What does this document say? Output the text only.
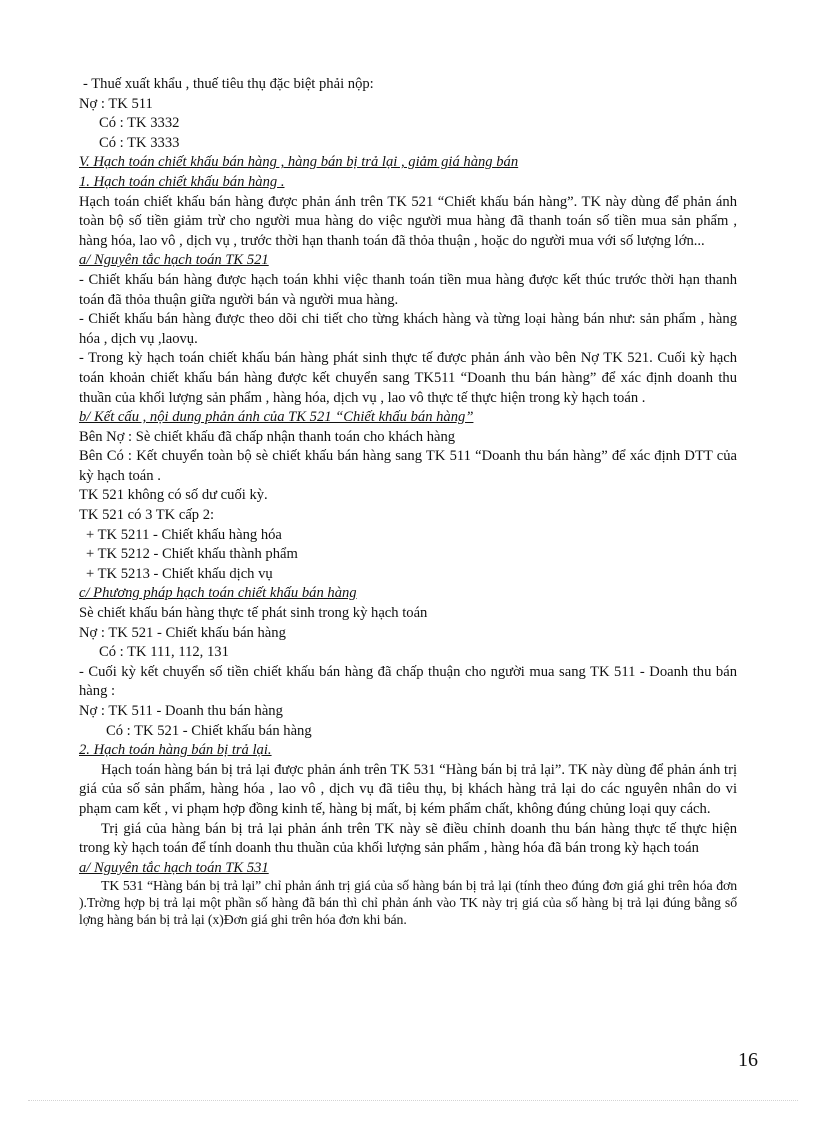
- Thuế xuất khẩu , thuế tiêu thụ đặc biệt phải nộp:
Nợ : TK 511
Có : TK 3332
Có : TK 3333
V. Hạch toán chiết khấu bán hàng , hàng bán bị trả lại , giảm giá hàng bán
1. Hạch toán chiết khấu bán hàng .

Hạch toán chiết khấu bán hàng được phản ánh trên TK 521 “Chiết khấu bán hàng”. TK này dùng để phản ánh toàn bộ số tiền giảm trừ cho người mua hàng do việc người mua hàng đã thanh toán số tiền mua sản phẩm , hàng hóa, lao vô , dịch vụ , trước thời hạn thanh toán đã thỏa thuận , hoặc do người mua với số lượng lớn...

a/ Nguyên tắc hạch toán TK 521

- Chiết khấu bán hàng được hạch toán khhi việc thanh toán tiền mua hàng được kết thúc trước thời hạn thanh toán đã thỏa thuận giữa người bán và người mua hàng.

- Chiết khấu bán hàng được theo dõi chi tiết cho từng khách hàng và từng loại hàng bán như: sản phẩm , hàng hóa , dịch vụ ,laovụ.

- Trong kỳ hạch toán chiết khấu bán hàng phát sinh thực tế được phản ánh vào bên Nợ TK 521. Cuối kỳ hạch toán khoản chiết khấu bán hàng được kết chuyển sang TK511 “Doanh thu bán hàng” để xác định doanh thu thuần của khối lượng sản phẩm , hàng hóa, dịch vụ , lao vô thực tế thực hiện trong kỳ hạch toán .

b/ Kết cấu , nội dung phản ánh của TK 521 “Chiết khấu bán hàng”
Bên Nợ : Sè chiết khấu đã chấp nhận thanh toán cho khách hàng

Bên Có : Kết chuyển toàn bộ sè chiết khấu bán hàng sang TK 511 “Doanh thu bán hàng” để xác định DTT của kỳ hạch toán .

TK 521 không có số dư cuối kỳ.
TK 521 có 3 TK cấp 2:
+ TK 5211 - Chiết khấu hàng hóa
+ TK 5212 - Chiết khấu thành phẩm
+ TK 5213 - Chiết khấu dịch vụ
c/ Phương pháp hạch toán chiết khấu bán hàng
Sè chiết khấu bán hàng thực tế phát sinh trong kỳ hạch toán
Nợ : TK 521 - Chiết khấu bán hàng
Có : TK 111, 112, 131

- Cuối kỳ kết chuyển số tiền chiết khấu bán hàng đã chấp thuận cho người mua sang TK 511 - Doanh thu bán hàng :

Nợ : TK 511 - Doanh thu bán hàng
Có : TK 521 - Chiết khấu bán hàng
2. Hạch toán hàng bán bị trả lại.

Hạch toán hàng bán bị trả lại được phản ánh trên TK 531 “Hàng bán bị trả lại”. TK này dùng để phản ánh trị giá của số sản phẩm, hàng hóa , lao vô , dịch vụ đã tiêu thụ, bị khách hàng trả lại do các nguyên nhân do vi phạm cam kết , vi phạm hợp đồng kinh tế, hàng bị mất, bị kém phẩm chất, không đúng chủng loại quy cách.

Trị giá của hàng bán bị trả lại phản ánh trên TK này sẽ điều chỉnh doanh thu bán hàng thực tế thực hiện trong kỳ hạch toán để tính doanh thu thuần của khối lượng sản phẩm , hàng hóa đã bán trong kỳ hạch toán

a/ Nguyên tắc hạch toán TK 531

TK 531 “Hàng bán bị trả lại” chỉ phản ánh trị giá của số hàng bán bị trả lại (tính theo đúng đơn giá ghi trên hóa đơn ).Trờng hợp bị trả lại một phần số hàng đã bán thì chỉ phản ánh vào TK này trị giá của số hàng bị trả lại đúng bằng số lợng hàng bán bị trả lại (x)Đơn giá ghi trên hóa đơn khi bán.

16
